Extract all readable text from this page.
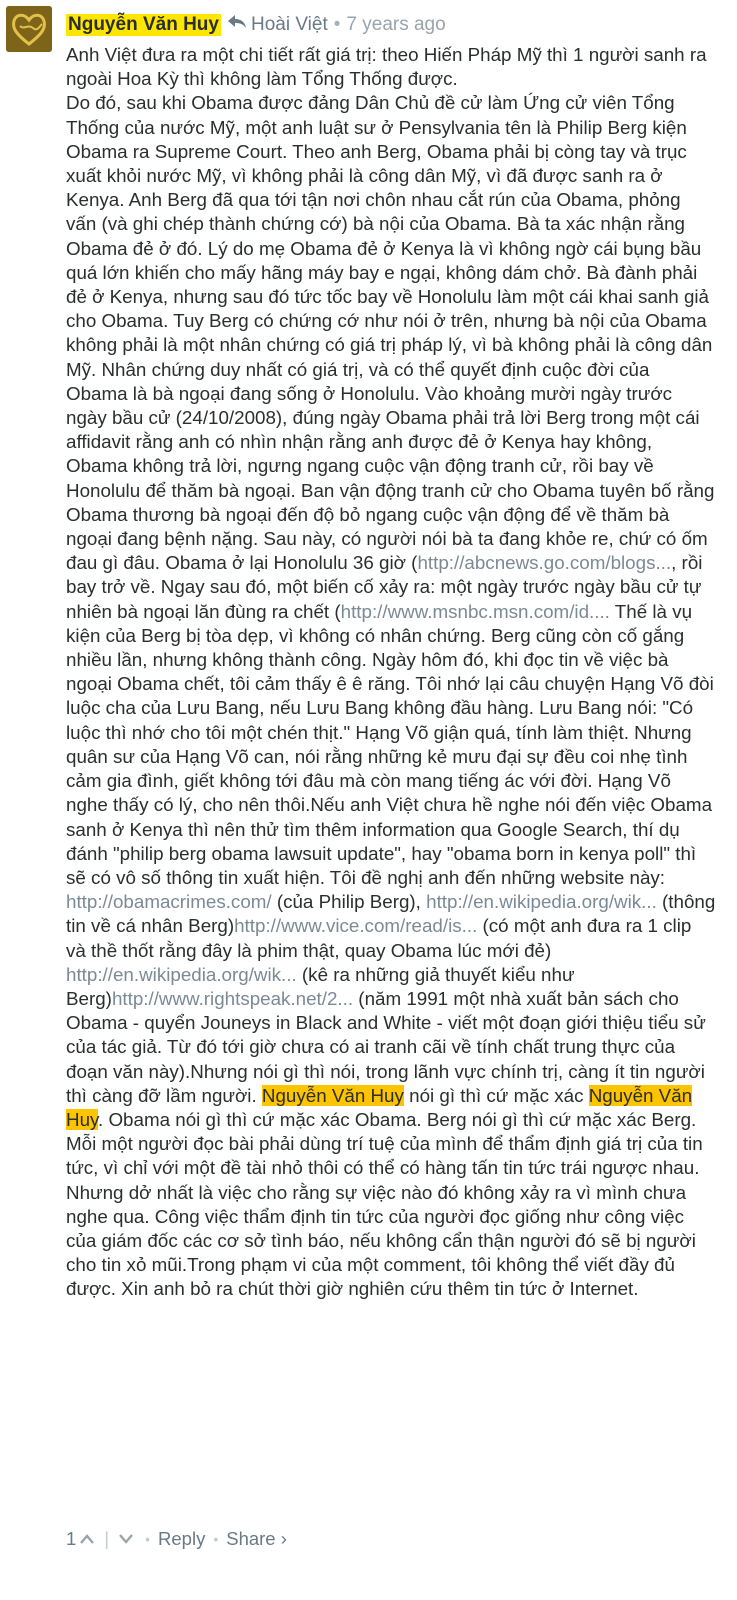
Nguyễn Văn Huy Hoài Việt • 7 years ago

Anh Việt đưa ra một chi tiết rất giá trị: theo Hiến Pháp Mỹ thì 1 người sanh ra ngoài Hoa Kỳ thì không làm Tổng Thống được.

Do đó, sau khi Obama được đảng Dân Chủ đề cử làm Ứng cử viên Tổng Thống của nước Mỹ, một anh luật sư ở Pensylvania tên là Philip Berg kiện Obama ra Supreme Court. Theo anh Berg, Obama phải bị còng tay và trục xuất khỏi nước Mỹ, vì không phải là công dân Mỹ, vì đã được sanh ra ở Kenya. Anh Berg đã qua tới tận nơi chôn nhau cắt rún của Obama, phỏng vấn (và ghi chép thành chứng cớ) bà nội của Obama. Bà ta xác nhận rằng Obama đẻ ở đó. Lý do mẹ Obama đẻ ở Kenya là vì không ngờ cái bụng bầu quá lớn khiến cho mấy hãng máy bay e ngại, không dám chở. Bà đành phải đẻ ở Kenya, nhưng sau đó tức tốc bay về Honolulu làm một cái khai sanh giả cho Obama. Tuy Berg có chứng cớ như nói ở trên, nhưng bà nội của Obama không phải là một nhân chứng có giá trị pháp lý, vì bà không phải là công dân Mỹ. Nhân chứng duy nhất có giá trị, và có thể quyết định cuộc đời của Obama là bà ngoại đang sống ở Honolulu. Vào khoảng mười ngày trước ngày bầu cử (24/10/2008), đúng ngày Obama phải trả lời Berg trong một cái affidavit rằng anh có nhìn nhận rằng anh được đẻ ở Kenya hay không, Obama không trả lời, ngưng ngang cuộc vận động tranh cử, rồi bay về Honolulu để thăm bà ngoại. Ban vận động tranh cử cho Obama tuyên bố rằng Obama thương bà ngoại đến độ bỏ ngang cuộc vận động để về thăm bà ngoại đang bệnh nặng. Sau này, có người nói bà ta đang khỏe re, chứ có ốm đau gì đâu. Obama ở lại Honolulu 36 giờ (http://abcnews.go.com/blogs..., rồi bay trở về. Ngay sau đó, một biến cố xảy ra: một ngày trước ngày bầu cử tự nhiên bà ngoại lăn đùng ra chết (http://www.msnbc.msn.com/id.... Thế là vụ kiện của Berg bị tòa dẹp, vì không có nhân chứng. Berg cũng còn cố gắng nhiều lần, nhưng không thành công. Ngày hôm đó, khi đọc tin về việc bà ngoại Obama chết, tôi cảm thấy ê ê răng. Tôi nhớ lại câu chuyện Hạng Võ đòi luộc cha của Lưu Bang, nếu Lưu Bang không đầu hàng. Lưu Bang nói: "Có luộc thì nhớ cho tôi một chén thịt." Hạng Võ giận quá, tính làm thiệt. Nhưng quân sư của Hạng Võ can, nói rằng những kẻ mưu đại sự đều coi nhẹ tình cảm gia đình, giết không tới đâu mà còn mang tiếng ác với đời. Hạng Võ nghe thấy có lý, cho nên thôi.Nếu anh Việt chưa hề nghe nói đến việc Obama sanh ở Kenya thì nên thử tìm thêm information qua Google Search, thí dụ đánh "philip berg obama lawsuit update", hay "obama born in kenya poll" thì sẽ có vô số thông tin xuất hiện. Tôi đề nghị anh đến những website này: http://obamacrimes.com/ (của Philip Berg), http://en.wikipedia.org/wik... (thông tin về cá nhân Berg)http://www.vice.com/read/is... (có một anh đưa ra 1 clip và thề thốt rằng đây là phim thật, quay Obama lúc mới đẻ) http://en.wikipedia.org/wik... (kê ra những giả thuyết kiểu như Berg)http://www.rightspeak.net/2... (năm 1991 một nhà xuất bản sách cho Obama - quyển Jouneys in Black and White - viết một đoạn giới thiệu tiểu sử của tác giả. Từ đó tới giờ chưa có ai tranh cãi về tính chất trung thực của đoạn văn này).Nhưng nói gì thì nói, trong lãnh vực chính trị, càng ít tin người thì càng đỡ lầm người. Nguyễn Văn Huy nói gì thì cứ mặc xác Nguyễn Văn Huy. Obama nói gì thì cứ mặc xác Obama. Berg nói gì thì cứ mặc xác Berg. Mỗi một người đọc bài phải dùng trí tuệ của mình để thẩm định giá trị của tin tức, vì chỉ với một đề tài nhỏ thôi có thể có hàng tấn tin tức trái ngược nhau. Nhưng dở nhất là việc cho rằng sự việc nào đó không xảy ra vì mình chưa nghe qua. Công việc thẩm định tin tức của người đọc giống như công việc của giám đốc các cơ sở tình báo, nếu không cẩn thận người đó sẽ bị người cho tin xỏ mũi.Trong phạm vi của một comment, tôi không thể viết đầy đủ được. Xin anh bỏ ra chút thời giờ nghiên cứu thêm tin tức ở Internet.

1 |	• Reply • Share ›
